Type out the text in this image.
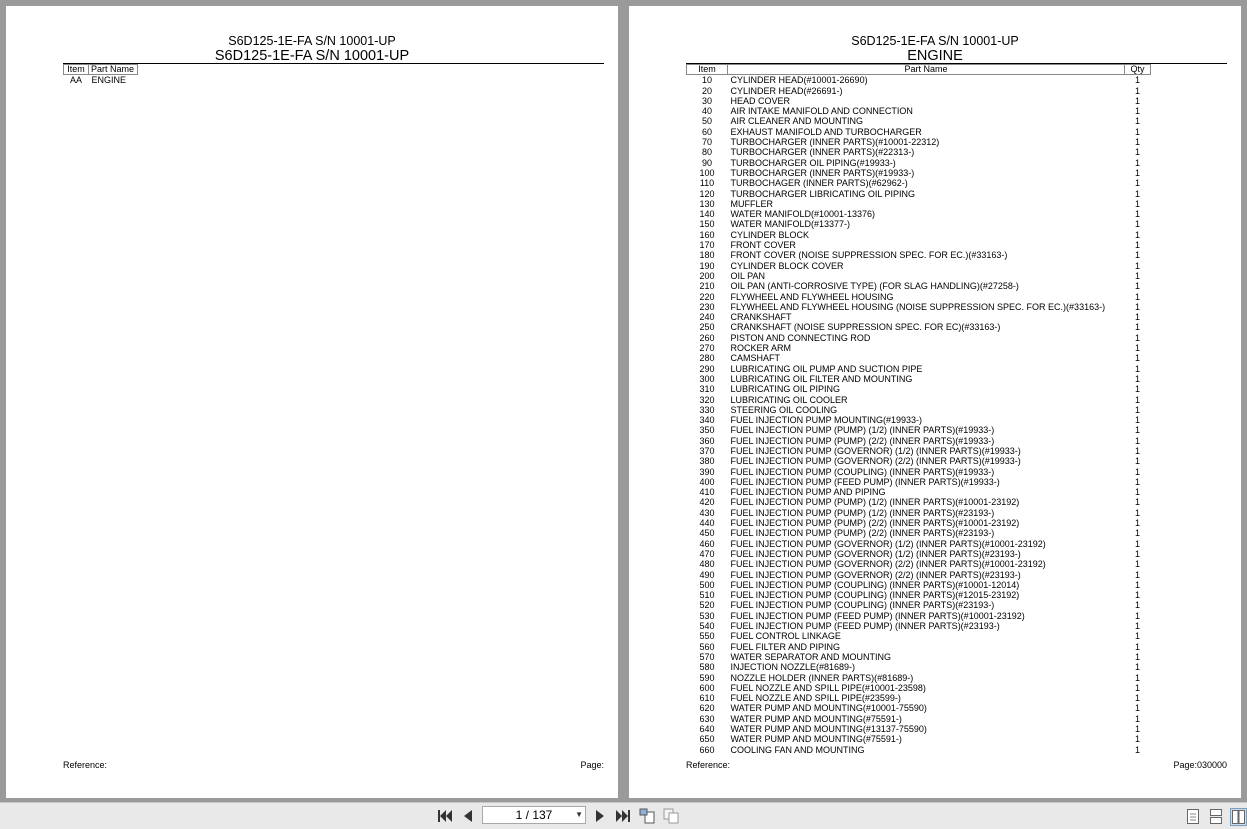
S6D125-1E-FA S/N 10001-UP
S6D125-1E-FA S/N 10001-UP
Item	Part Name
AA	ENGINE
Reference:	Page:
S6D125-1E-FA S/N 10001-UP
ENGINE
Item	Part Name	Qty
10	CYLINDER HEAD(#10001-26690)	1
20	CYLINDER HEAD(#26691-)	1
30	HEAD COVER	1
40	AIR INTAKE MANIFOLD AND CONNECTION	1
50	AIR CLEANER AND MOUNTING	1
60	EXHAUST MANIFOLD AND TURBOCHARGER	1
70	TURBOCHARGER (INNER PARTS)(#10001-22312)	1
80	TURBOCHARGER (INNER PARTS)(#22313-)	1
90	TURBOCHARGER OIL PIPING(#19933-)	1
100	TURBOCHARGER (INNER PARTS)(#19933-)	1
110	TURBOCHAGER (INNER PARTS)(#62962-)	1
120	TURBOCHARGER LIBRICATING OIL PIPING	1
130	MUFFLER	1
140	WATER MANIFOLD(#10001-13376)	1
150	WATER MANIFOLD(#13377-)	1
160	CYLINDER BLOCK	1
170	FRONT COVER	1
180	FRONT COVER (NOISE SUPPRESSION SPEC. FOR EC.)(#33163-)	1
190	CYLINDER BLOCK COVER	1
200	OIL PAN	1
210	OIL PAN (ANTI-CORROSIVE TYPE) (FOR SLAG HANDLING)(#27258-)	1
220	FLYWHEEL AND FLYWHEEL HOUSING	1
230	FLYWHEEL AND FLYWHEEL HOUSING (NOISE SUPPRESSION SPEC. FOR EC.)(#33163-)	1
240	CRANKSHAFT	1
250	CRANKSHAFT (NOISE SUPPRESSION SPEC. FOR EC)(#33163-)	1
260	PISTON AND CONNECTING ROD	1
270	ROCKER ARM	1
280	CAMSHAFT	1
290	LUBRICATING OIL PUMP AND SUCTION PIPE	1
300	LUBRICATING OIL FILTER AND MOUNTING	1
310	LUBRICATING OIL PIPING	1
320	LUBRICATING OIL COOLER	1
330	STEERING OIL COOLING	1
340	FUEL INJECTION PUMP MOUNTING(#19933-)	1
350	FUEL INJECTION PUMP (PUMP) (1/2) (INNER PARTS)(#19933-)	1
360	FUEL INJECTION PUMP (PUMP) (2/2) (INNER PARTS)(#19933-)	1
370	FUEL INJECTION PUMP (GOVERNOR) (1/2) (INNER PARTS)(#19933-)	1
380	FUEL INJECTION PUMP (GOVERNOR) (2/2) (INNER PARTS)(#19933-)	1
390	FUEL INJECTION PUMP (COUPLING) (INNER PARTS)(#19933-)	1
400	FUEL INJECTION PUMP (FEED PUMP) (INNER PARTS)(#19933-)	1
410	FUEL INJECTION PUMP AND PIPING	1
420	FUEL INJECTION PUMP (PUMP) (1/2) (INNER PARTS)(#10001-23192)	1
430	FUEL INJECTION PUMP (PUMP) (1/2) (INNER PARTS)(#23193-)	1
440	FUEL INJECTION PUMP (PUMP) (2/2) (INNER PARTS)(#10001-23192)	1
450	FUEL INJECTION PUMP (PUMP) (2/2) (INNER PARTS)(#23193-)	1
460	FUEL INJECTION PUMP (GOVERNOR) (1/2) (INNER PARTS)(#10001-23192)	1
470	FUEL INJECTION PUMP (GOVERNOR) (1/2) (INNER PARTS)(#23193-)	1
480	FUEL INJECTION PUMP (GOVERNOR) (2/2) (INNER PARTS)(#10001-23192)	1
490	FUEL INJECTION PUMP (GOVERNOR) (2/2) (INNER PARTS)(#23193-)	1
500	FUEL INJECTION PUMP (COUPLING) (INNER PARTS)(#10001-12014)	1
510	FUEL INJECTION PUMP (COUPLING) (INNER PARTS)(#12015-23192)	1
520	FUEL INJECTION PUMP (COUPLING) (INNER PARTS)(#23193-)	1
530	FUEL INJECTION PUMP (FEED PUMP) (INNER PARTS)(#10001-23192)	1
540	FUEL INJECTION PUMP (FEED PUMP) (INNER PARTS)(#23193-)	1
550	FUEL CONTROL LINKAGE	1
560	FUEL FILTER AND PIPING	1
570	WATER SEPARATOR AND MOUNTING	1
580	INJECTION NOZZLE(#81689-)	1
590	NOZZLE HOLDER (INNER PARTS)(#81689-)	1
600	FUEL NOZZLE AND SPILL PIPE(#10001-23598)	1
610	FUEL NOZZLE AND SPILL PIPE(#23599-)	1
620	WATER PUMP AND MOUNTING(#10001-75590)	1
630	WATER PUMP AND MOUNTING(#75591-)	1
640	WATER PUMP AND MOUNTING(#13137-75590)	1
650	WATER PUMP AND MOUNTING(#75591-)	1
660	COOLING FAN AND MOUNTING	1
Reference:	Page:030000
1 / 137	▼
